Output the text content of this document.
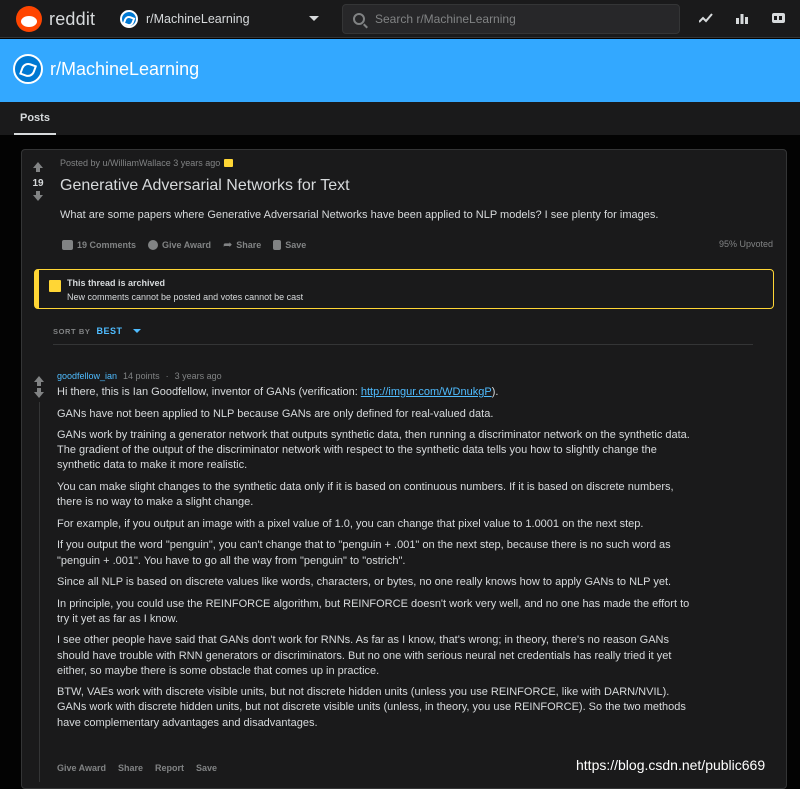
reddit	r/MachineLearning
Search r/MachineLearning
r/MachineLearning
Posts
19
Posted by u/WilliamWallace 3 years ago
Generative Adversarial Networks for Text
What are some papers where Generative Adversarial Networks have been applied to NLP models? I see plenty for images.
19 Comments	Give Award ➦ Share	Save	95% Upvoted
This thread is archived
New comments cannot be posted and votes cannot be cast
SORT BY BEST
goodfellow_ian 14 points · 3 years ago

Hi there, this is Ian Goodfellow, inventor of GANs (verification: http://imgur.com/WDnukgP).

GANs have not been applied to NLP because GANs are only defined for real-valued data.

GANs work by training a generator network that outputs synthetic data, then running a discriminator network on the synthetic data. The gradient of the output of the discriminator network with respect to the synthetic data tells you how to slightly change the synthetic data to make it more realistic.

You can make slight changes to the synthetic data only if it is based on continuous numbers. If it is based on discrete numbers, there is no way to make a slight change.

For example, if you output an image with a pixel value of 1.0, you can change that pixel value to 1.0001 on the next step.

If you output the word "penguin", you can't change that to "penguin + .001" on the next step, because there is no such word as "penguin + .001". You have to go all the way from "penguin" to "ostrich".

Since all NLP is based on discrete values like words, characters, or bytes, no one really knows how to apply GANs to NLP yet.

In principle, you could use the REINFORCE algorithm, but REINFORCE doesn't work very well, and no one has made the effort to try it yet as far as I know.

I see other people have said that GANs don't work for RNNs. As far as I know, that's wrong; in theory, there's no reason GANs should have trouble with RNN generators or discriminators. But no one with serious neural net credentials has really tried it yet either, so maybe there is some obstacle that comes up in practice.

BTW, VAEs work with discrete visible units, but not discrete hidden units (unless you use REINFORCE, like with DARN/NVIL). GANs work with discrete hidden units, but not discrete visible units (unless, in theory, you use REINFORCE). So the two methods have complementary advantages and disadvantages.

Give Award Share Report Save	https://blog.csdn.net/public669
